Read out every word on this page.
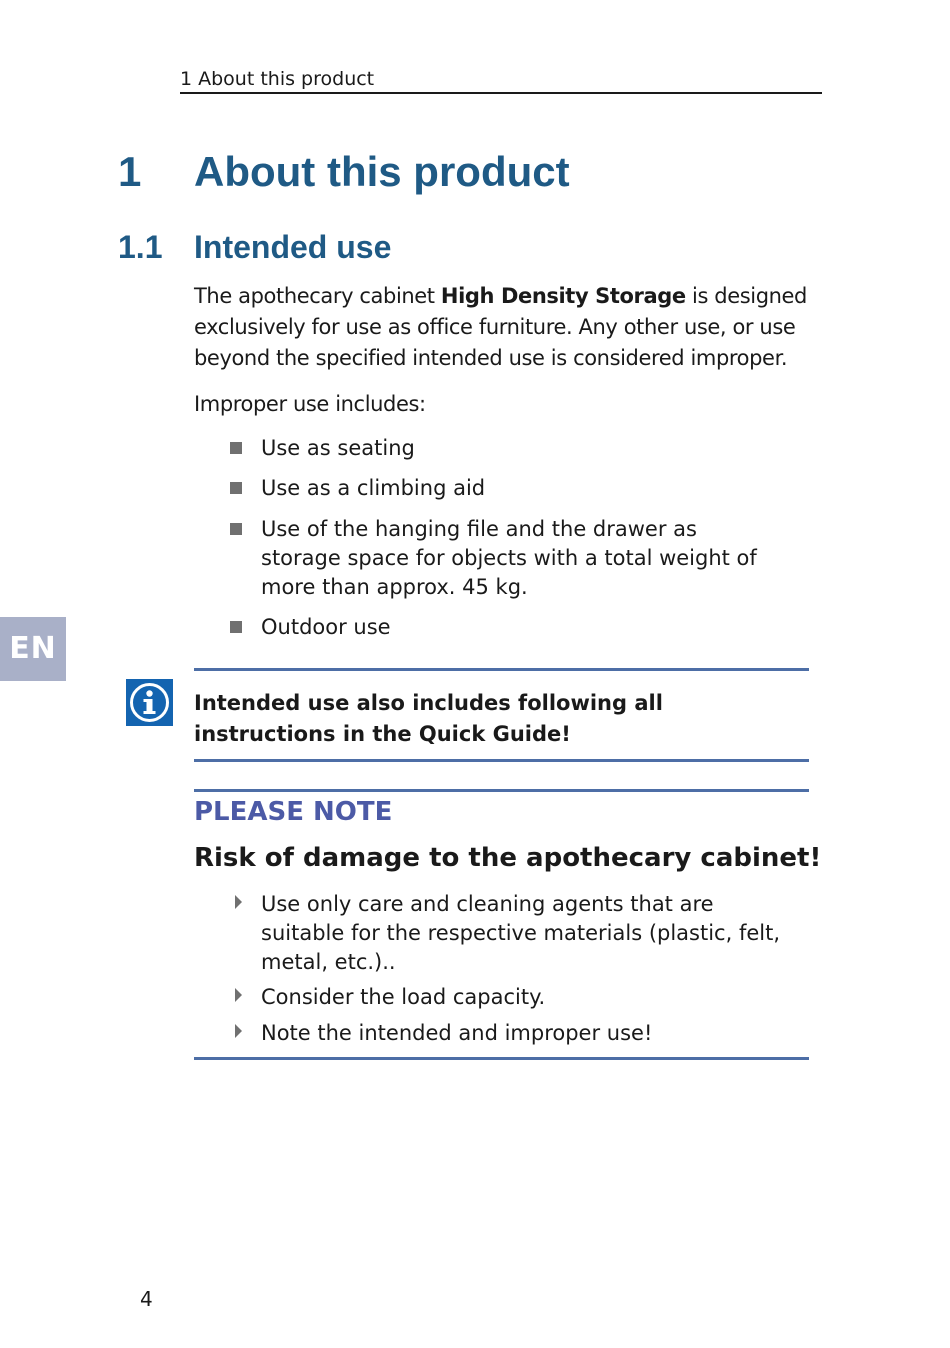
1 About this product
1 About this product
1.1 Intended use
The apothecary cabinet High Density Storage is designed exclusively for use as office furniture. Any other use, or use beyond the specified intended use is considered improper.
Improper use includes:
Use as seating
Use as a climbing aid
Use of the hanging file and the drawer as storage space for objects with a total weight of more than approx. 45 kg.
Outdoor use
EN
Intended use also includes following all instructions in the Quick Guide!
PLEASE NOTE
Risk of damage to the apothecary cabinet!
Use only care and cleaning agents that are suitable for the respective materials (plastic, felt, metal, etc.)..
Consider the load capacity.
Note the intended and improper use!
4
